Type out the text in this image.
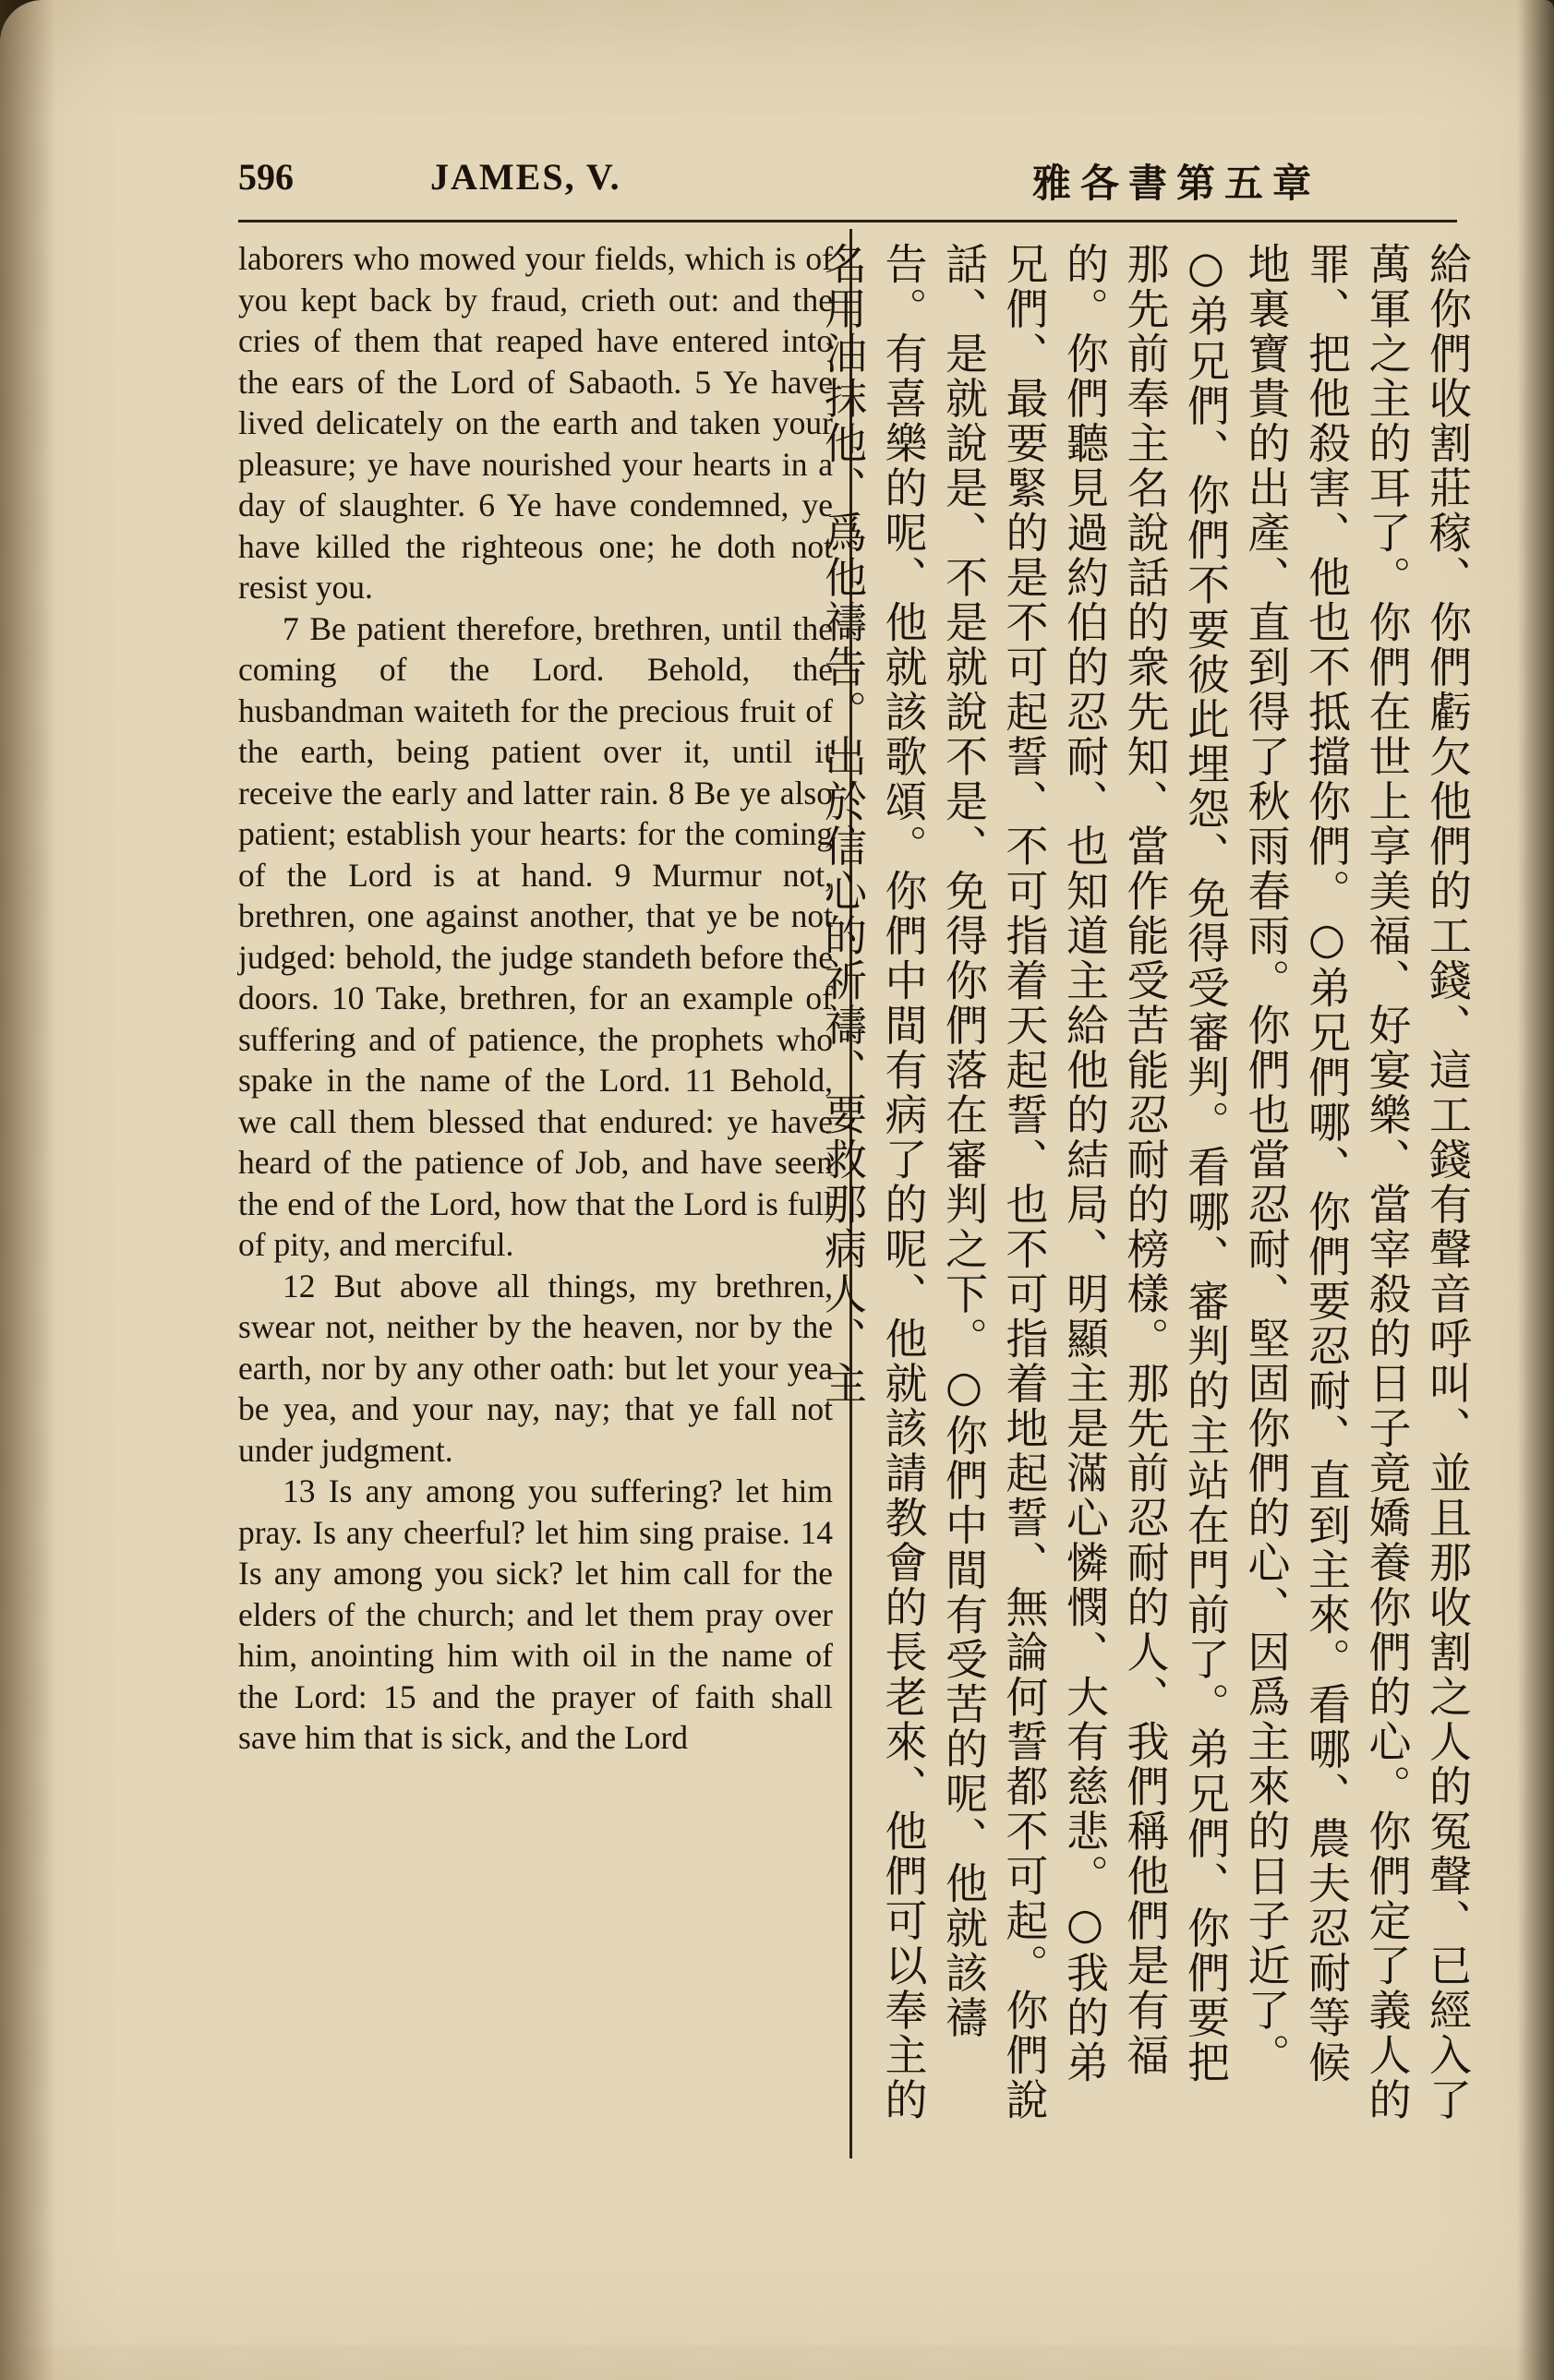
596	JAMES, V.	雅各書第五章

laborers who mowed your fields, which is of you kept back by fraud, crieth out: and the cries of them that reaped have entered into the ears of the Lord of Sabaoth. 5 Ye have lived delicately on the earth and taken your pleasure; ye have nourished your hearts in a day of slaughter. 6 Ye have condemned, ye have killed the righteous one; he doth not resist you.

7 Be patient therefore, brethren, until the coming of the Lord. Behold, the husbandman waiteth for the precious fruit of the earth, being patient over it, until it receive the early and latter rain. 8 Be ye also patient; establish your hearts: for the coming of the Lord is at hand. 9 Murmur not, brethren, one against another, that ye be not judged: behold, the judge standeth before the doors. 10 Take, brethren, for an example of suffering and of patience, the prophets who spake in the name of the Lord. 11 Behold, we call them blessed that endured: ye have heard of the patience of Job, and have seen the end of the Lord, how that the Lord is full of pity, and merciful.

12 But above all things, my brethren, swear not, neither by the heaven, nor by the earth, nor by any other oath: but let your yea be yea, and your nay, nay; that ye fall not under judgment.

13 Is any among you suffering? let him pray. Is any cheerful? let him sing praise. 14 Is any among you sick? let him call for the elders of the church; and let them pray over him, anointing him with oil in the name of the Lord: 15 and the prayer of faith shall save him that is sick, and the Lord	給你們收割莊稼、你們虧欠他們的工錢、這工錢有聲音呼叫、並且那收割之人的冤聲、已經入了萬軍之主的耳了。你們在世上享美福、好宴樂、當宰殺的日子竟嬌養你們的心。你們定了義人的罪、把他殺害、他也不抵擋你們。○弟兄們哪、你們要忍耐、直到主來。看哪、農夫忍耐等候地裏寶貴的出產、直到得了秋雨春雨。你們也當忍耐、堅固你們的心、因爲主來的日子近了。○弟兄們、你們不要彼此埋怨、免得受審判。看哪、審判的主站在門前了。弟兄們、你們要把那先前奉主名說話的衆先知、當作能受苦能忍耐的榜樣。那先前忍耐的人、我們稱他們是有福的。你們聽見過約伯的忍耐、也知道主給他的結局、明顯主是滿心憐憫、大有慈悲。○我的弟兄們、最要緊的是不可起誓、不可指着天起誓、也不可指着地起誓、無論何誓都不可起。你們說話、是就說是、不是就說不是、免得你們落在審判之下。○你們中間有受苦的呢、他就該禱告。有喜樂的呢、他就該歌頌。你們中間有病了的呢、他就該請教會的長老來、他們可以奉主的名用油抹他、爲他禱告。出於信心的祈禱、要救那病人、主
